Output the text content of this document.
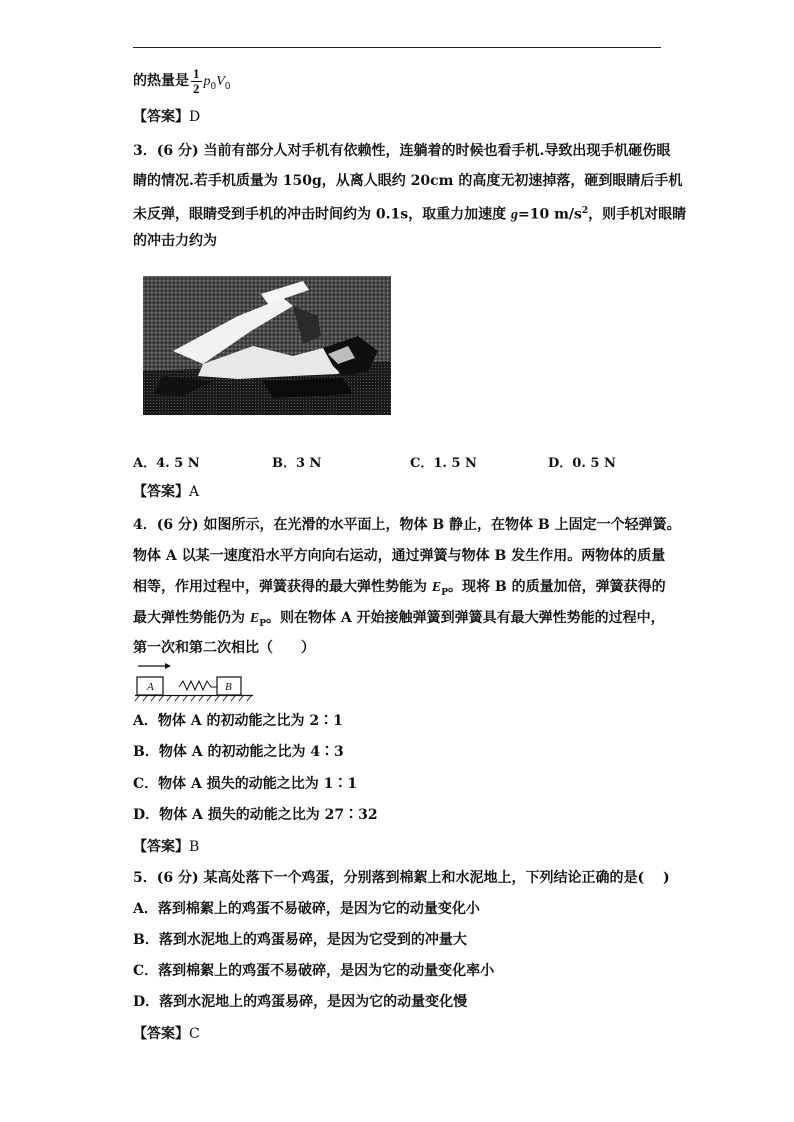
的热量是 $\frac{1}{2} p_0V_0$
【答案】D
3．(6 分) 当前有部分人对手机有依赖性，连躺着的时候也看手机.导致出现手机砸伤眼
睛的情况.若手机质量为 150g，从离人眼约 20cm 的高度无初速掉落，砸到眼睛后手机
未反弹，眼睛受到手机的冲击时间约为 0.1s，取重力加速度 g=10 $m/s^2$，则手机对眼睛
的冲击力约为
A．4. 5 N	B．3 N	C．1. 5 N	D．0. 5 N
【答案】A
4．(6 分) 如图所示，在光滑的水平面上，物体 B 静止，在物体 B 上固定一个轻弹簧。
物体 A 以某一速度沿水平方向向右运动，通过弹簧与物体 B 发生作用。两物体的质量
相等，作用过程中，弹簧获得的最大弹性势能为 $E_P$。现将 B 的质量加倍，弹簧获得的
最大弹性势能仍为 $E_P$。则在物体 A 开始接触弹簧到弹簧具有最大弹性势能的过程中，
第一次和第二次相比（　　）
A	B
A．物体 A 的初动能之比为 2∶1
B．物体 A 的初动能之比为 4∶3
C．物体 A 损失的动能之比为 1∶1
D．物体 A 损失的动能之比为 27∶32
【答案】B
5．(6 分) 某高处落下一个鸡蛋，分别落到棉絮上和水泥地上，下列结论正确的是(　 )
A．落到棉絮上的鸡蛋不易破碎，是因为它的动量变化小
B．落到水泥地上的鸡蛋易碎，是因为它受到的冲量大
C．落到棉絮上的鸡蛋不易破碎，是因为它的动量变化率小
D．落到水泥地上的鸡蛋易碎，是因为它的动量变化慢
【答案】C
